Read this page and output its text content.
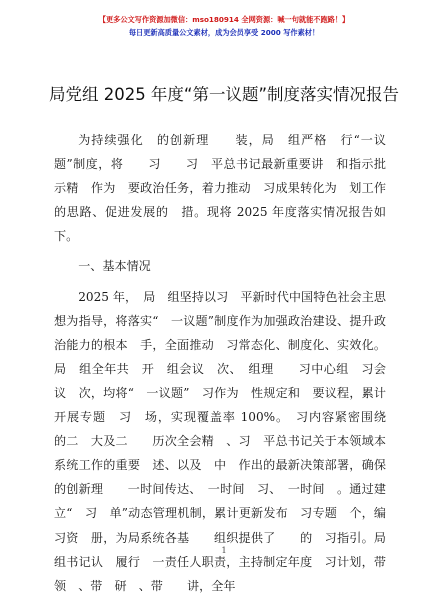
【更多公文写作资源加微信：mso180914 全网资源：喊一句就能不跑路！】
每日更新高质量公文素材，成为会员享受 2000 写作素材！
局党组 2025 年度“第一议题”制度落实情况报告

为持续强化　的创新理　　装，局　组严格　行“一议题”制度，将　　习　　习　平总书记最新重要讲　和指示批示精　作为　要政治任务，着力推动　习成果转化为　划工作的思路、促进发展的　措。现将 2025 年度落实情况报告如下。

一、基本情况

2025 年，　局　组坚持以习　平新时代中国特色社会主思想为指导，将落实“　一议题”制度作为加强政治建设、提升政治能力的根本　手，全面推动　习常态化、制度化、实效化。局　组全年共　开　组会议　次、　组理　　习中心组　习会议　次，均将“　一议题”　习作为　性规定和　要议程，累计开展专题　习　场，实现覆盖率 100%。　习内容紧密围绕　的二　大及二　　历次全会精　、习　平总书记关于本领域本系统工作的重要　述、以及　中　作出的最新决策部署，确保　的创新理　　一时间传达、　一时间　习、　一时间　。通过建立“　习　单”动态管理机制，累计更新发布　习专题　个，编　　习资　册，为局系统各基　　组织提供了　　的　习指引。局　组书记认　履行　一责任人职责，主持制定年度　习计划，带　领　、带　研　、带　　讲，全年

1
